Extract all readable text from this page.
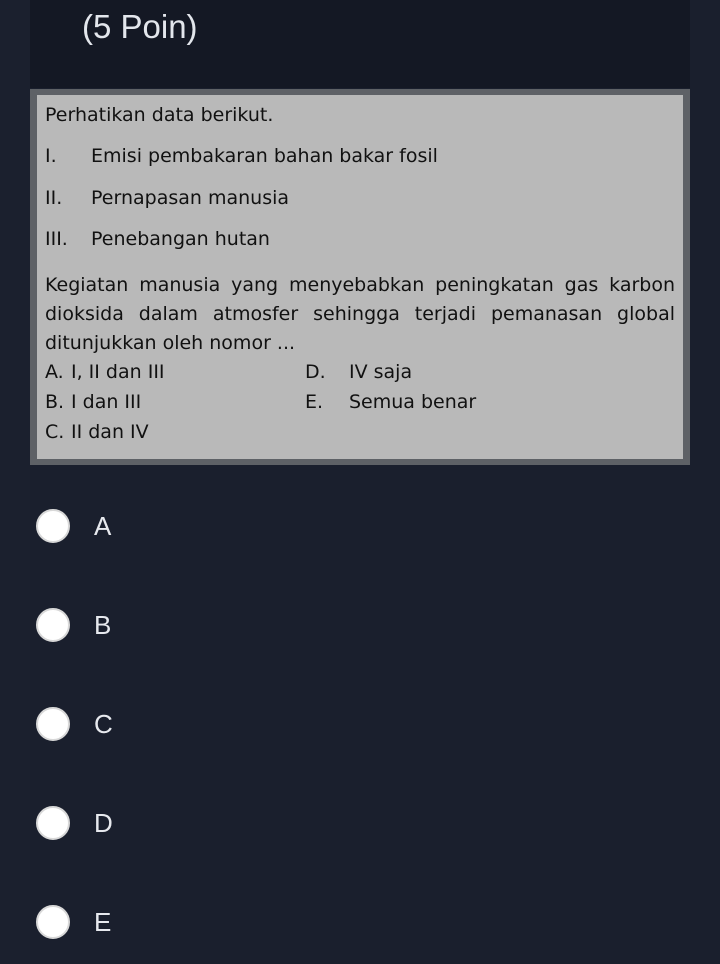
(5 Poin)
Perhatikan data berikut.
I. Emisi pembakaran bahan bakar fosil
II. Pernapasan manusia
III. Penebangan hutan
Kegiatan manusia yang menyebabkan peningkatan gas karbon dioksida dalam atmosfer sehingga terjadi pemanasan global ditunjukkan oleh nomor ...
A. I, II dan III
B. I dan III
C. II dan IV
D. IV saja
E. Semua benar
A
B
C
D
E
